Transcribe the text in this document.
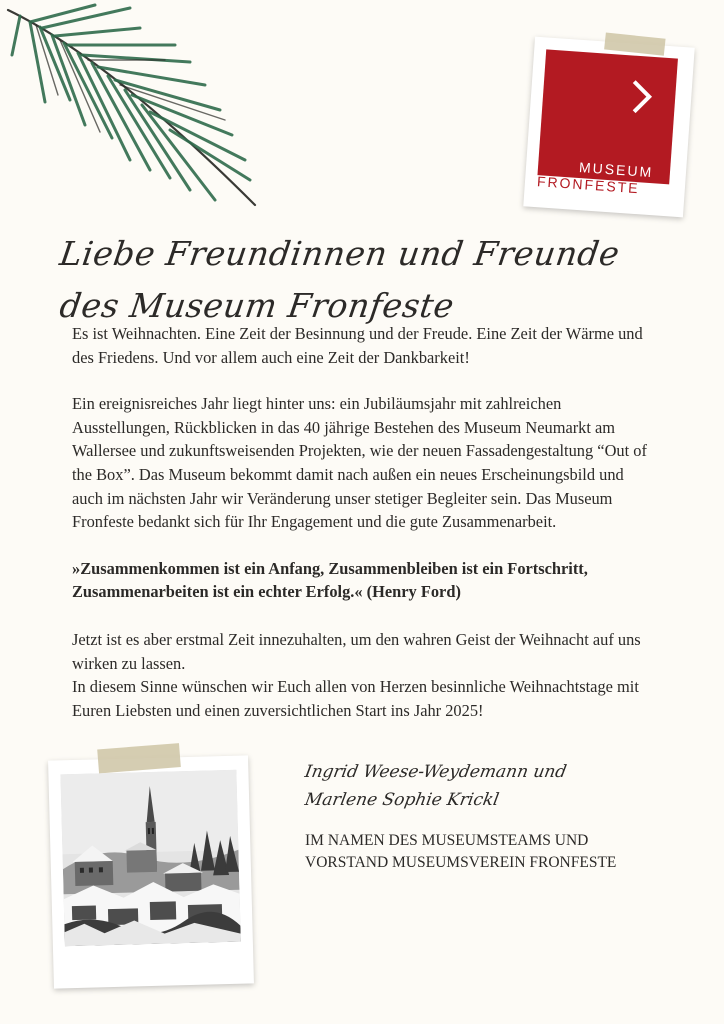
MUSEUM
FRONFESTE
Liebe Freundinnen und Freunde
des Museum Fronfeste

Es ist Weihnachten. Eine Zeit der Besinnung und der Freude. Eine Zeit der Wärme und des Friedens. Und vor allem auch eine Zeit der Dankbarkeit!

Ein ereignisreiches Jahr liegt hinter uns: ein Jubiläumsjahr mit zahlreichen Ausstellungen, Rückblicken in das 40 jährige Bestehen des Museum Neumarkt am Wallersee und zukunftsweisenden Projekten, wie der neuen Fassadengestaltung “Out of the Box”. Das Museum bekommt damit nach außen ein neues Erscheinungsbild und auch im nächsten Jahr wir Veränderung unser stetiger Begleiter sein. Das Museum Fronfeste bedankt sich für Ihr Engagement und die gute Zusammenarbeit.

»Zusammenkommen ist ein Anfang, Zusammenbleiben ist ein Fortschritt, Zusammenarbeiten ist ein echter Erfolg.« (Henry Ford)

Jetzt ist es aber erstmal Zeit innezuhalten, um den wahren Geist der Weihnacht auf uns wirken zu lassen.

In diesem Sinne wünschen wir Euch allen von Herzen besinnliche Weihnachtstage mit Euren Liebsten und einen zuversichtlichen Start ins Jahr 2025!

Ingrid Weese-Weydemann und
Marlene Sophie Krickl
IM NAMEN DES MUSEUMSTEAMS UND
VORSTAND MUSEUMSVEREIN FRONFESTE
